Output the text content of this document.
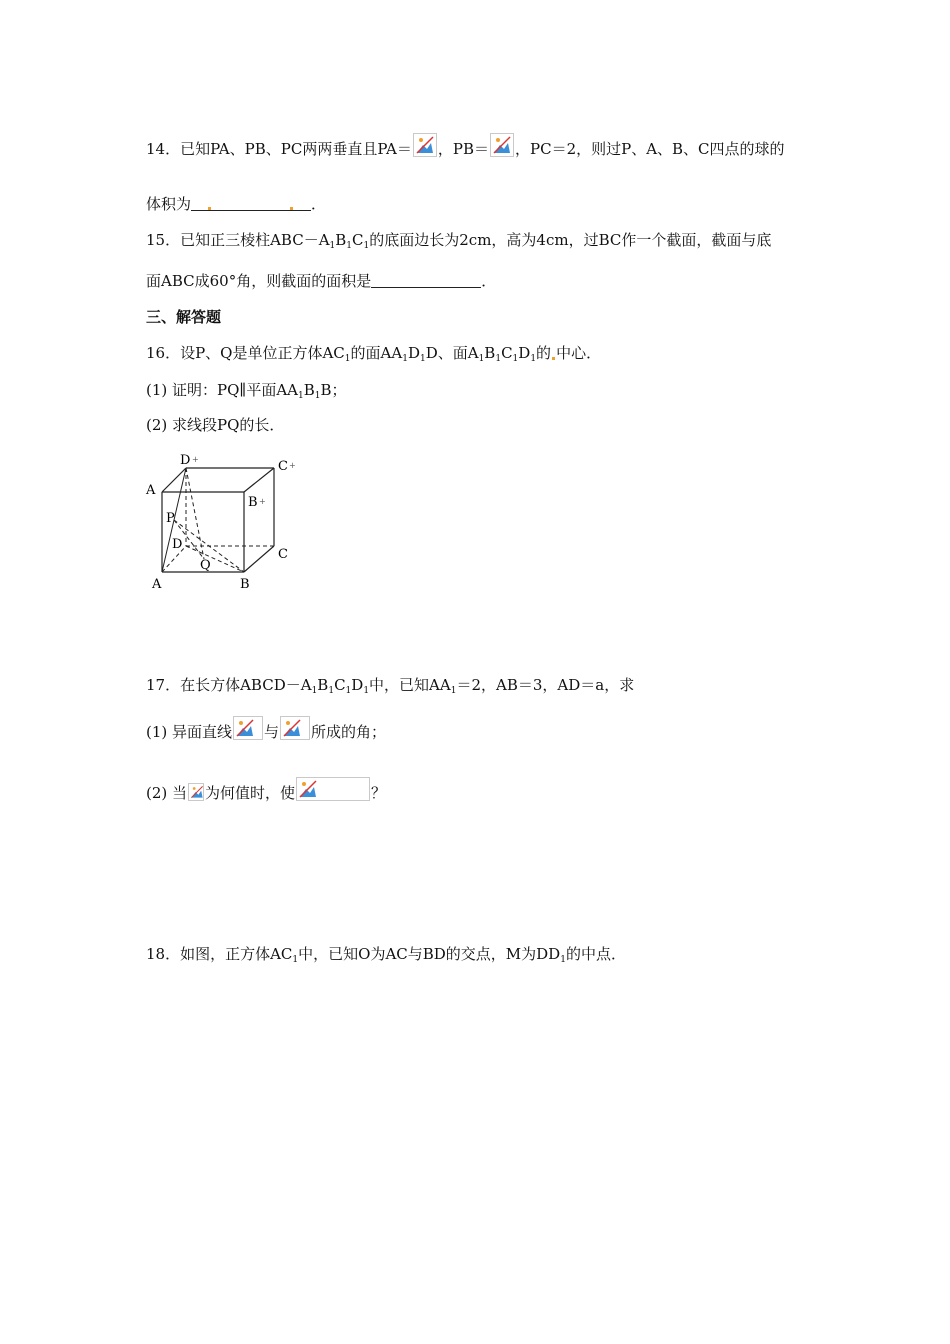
14．已知PA、PB、PC两两垂直且PA＝ ，PB＝ ，PC＝2，则过P、A、B、C四点的球的
体积为	．
15．已知正三棱柱$ABC-A_1B_1C_1$的底面边长为2cm，高为4cm，过BC作一个截面，截面与底
面ABC成60°角，则截面的面积是	．
三、解答题
16．设P、Q是单位正方体$AC_1$的面$AA_1D_1D$、面$A_1B_1C_1D_1$的 中心．
(1) 证明：PQ∥平面$AA_1B_1B$；
(2) 求线段PQ的长．
D +	C +
A
B +
P
D
C
Q
A	B
17．在长方体$ABCD-A_1B_1C_1D_1$中，已知$AA_1=2$，AB＝3，AD＝a，求
(1) 异面直线 与 所成的角；
(2) 当 为何值时，使	？
18．如图，正方体$AC_1$中，已知O为AC与BD的交点，M为$DD_1$的中点．
